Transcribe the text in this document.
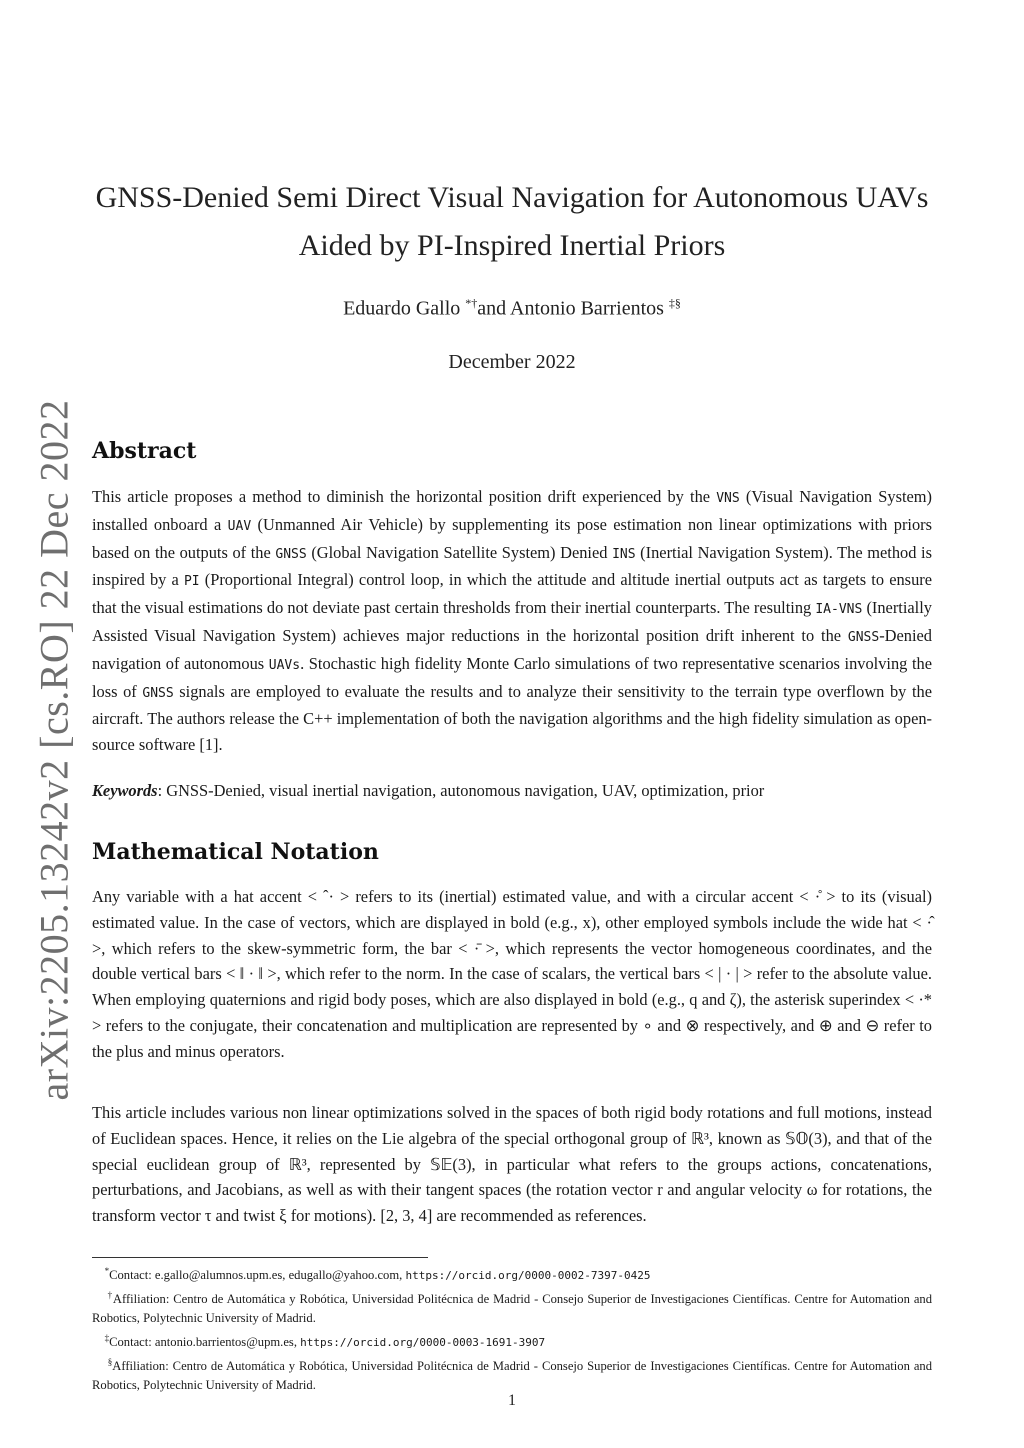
arXiv:2205.13242v2 [cs.RO] 22 Dec 2022
GNSS-Denied Semi Direct Visual Navigation for Autonomous UAVs
Aided by PI-Inspired Inertial Priors
Eduardo Gallo *†and Antonio Barrientos ‡§
December 2022
Abstract

This article proposes a method to diminish the horizontal position drift experienced by the VNS (Visual Navigation System) installed onboard a UAV (Unmanned Air Vehicle) by supplementing its pose estimation non linear optimizations with priors based on the outputs of the GNSS (Global Navigation Satellite System) Denied INS (Inertial Navigation System). The method is inspired by a PI (Proportional Integral) control loop, in which the attitude and altitude inertial outputs act as targets to ensure that the visual estimations do not deviate past certain thresholds from their inertial counterparts. The resulting IA-VNS (Inertially Assisted Visual Navigation System) achieves major reductions in the horizontal position drift inherent to the GNSS-Denied navigation of autonomous UAVs. Stochastic high fidelity Monte Carlo simulations of two representative scenarios involving the loss of GNSS signals are employed to evaluate the results and to analyze their sensitivity to the terrain type overflown by the aircraft. The authors release the C++ implementation of both the navigation algorithms and the high fidelity simulation as open-source software [1].

Keywords: GNSS-Denied, visual inertial navigation, autonomous navigation, UAV, optimization, prior

Mathematical Notation

Any variable with a hat accent < ˆ· > refers to its (inertial) estimated value, and with a circular accent < ·̊ > to its (visual) estimated value. In the case of vectors, which are displayed in bold (e.g., x), other employed symbols include the wide hat < ·̂ >, which refers to the skew-symmetric form, the bar < ·̄ >, which represents the vector homogeneous coordinates, and the double vertical bars < ‖ · ‖ >, which refer to the norm. In the case of scalars, the vertical bars < | · | > refer to the absolute value. When employing quaternions and rigid body poses, which are also displayed in bold (e.g., q and ζ), the asterisk superindex < ·* > refers to the conjugate, their concatenation and multiplication are represented by ∘ and ⊗ respectively, and ⊕ and ⊖ refer to the plus and minus operators.

This article includes various non linear optimizations solved in the spaces of both rigid body rotations and full motions, instead of Euclidean spaces. Hence, it relies on the Lie algebra of the special orthogonal group of ℝ³, known as 𝕊𝕆(3), and that of the special euclidean group of ℝ³, represented by 𝕊𝔼(3), in particular what refers to the groups actions, concatenations, perturbations, and Jacobians, as well as with their tangent spaces (the rotation vector r and angular velocity ω for rotations, the transform vector τ and twist ξ for motions). [2, 3, 4] are recommended as references.

*Contact: e.gallo@alumnos.upm.es, edugallo@yahoo.com, https://orcid.org/0000-0002-7397-0425

†Affiliation: Centro de Automática y Robótica, Universidad Politécnica de Madrid - Consejo Superior de Investigaciones Científicas. Centre for Automation and Robotics, Polytechnic University of Madrid.

‡Contact: antonio.barrientos@upm.es, https://orcid.org/0000-0003-1691-3907

§Affiliation: Centro de Automática y Robótica, Universidad Politécnica de Madrid - Consejo Superior de Investigaciones Científicas. Centre for Automation and Robotics, Polytechnic University of Madrid.

1
